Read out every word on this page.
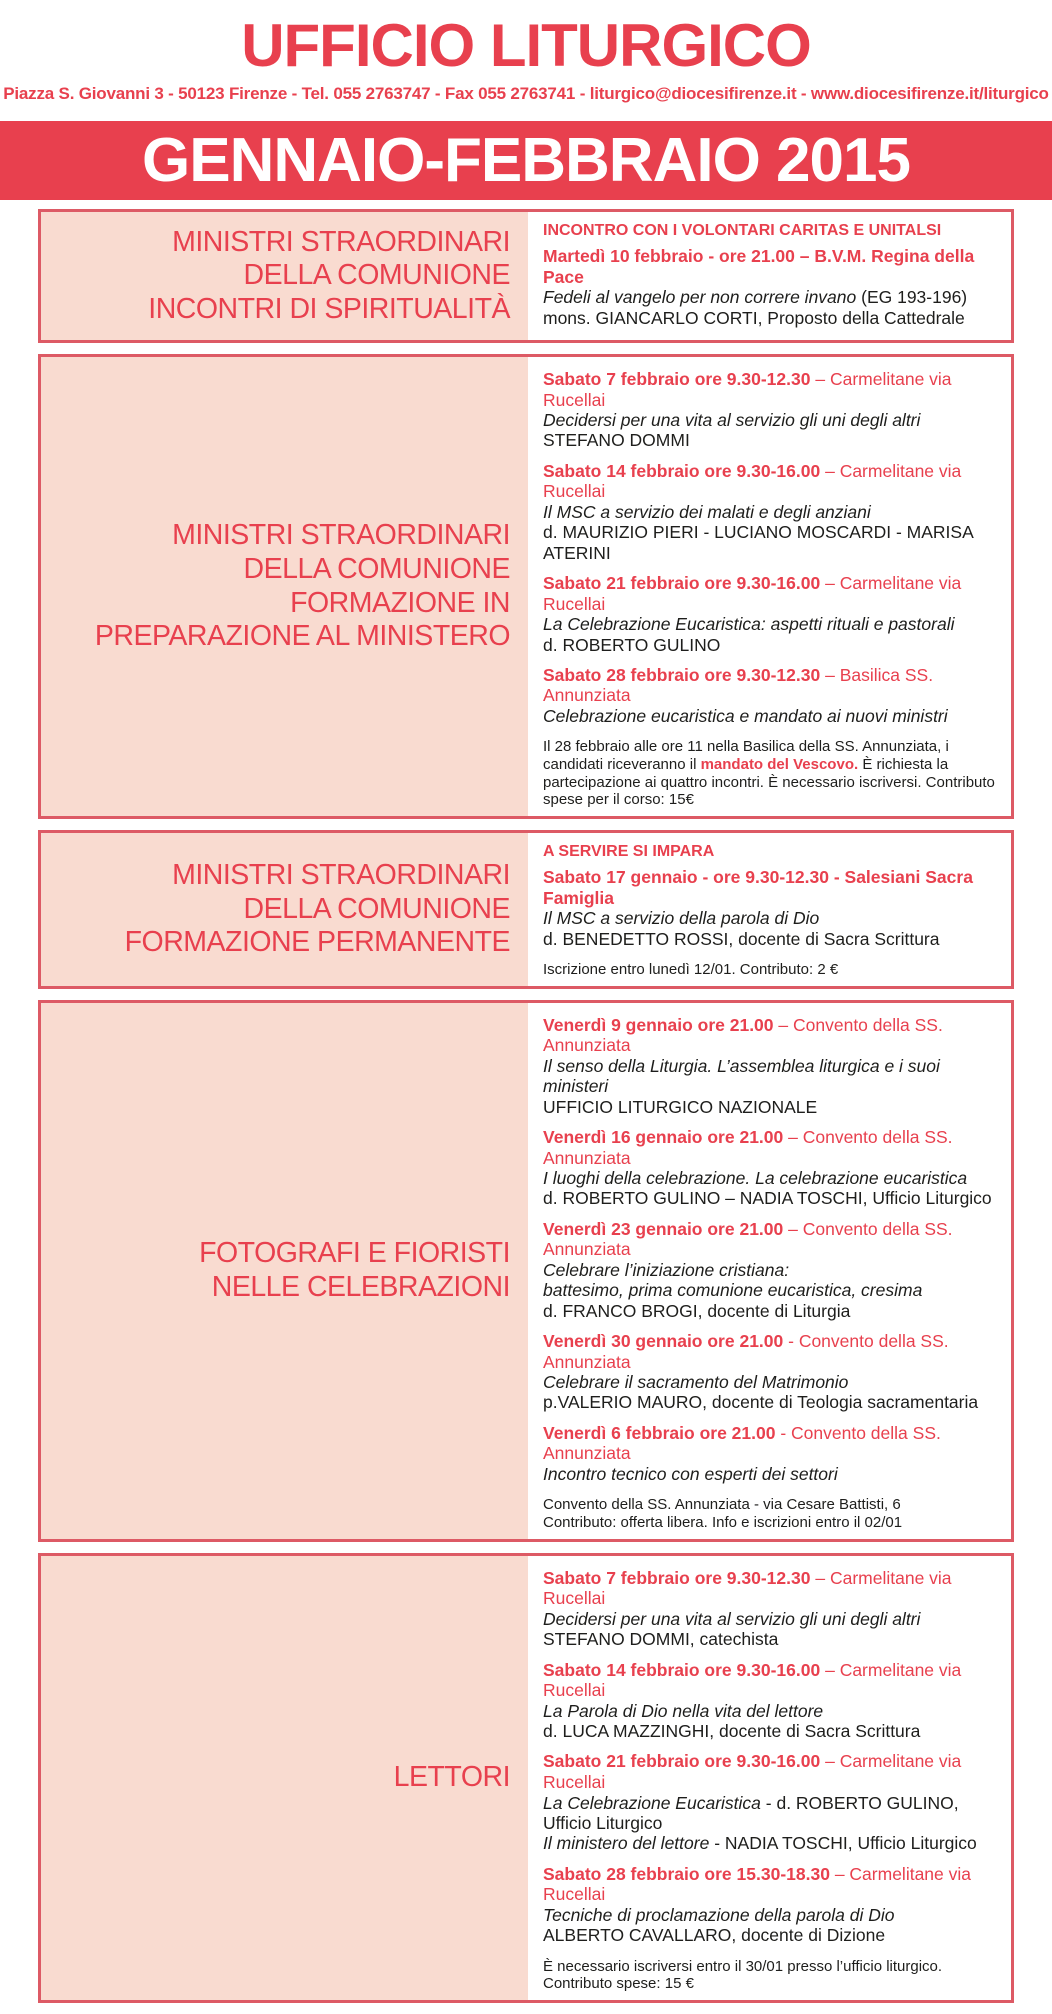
UFFICIO LITURGICO
Piazza S. Giovanni 3 - 50123 Firenze - Tel. 055 2763747 - Fax 055 2763741 - liturgico@diocesifirenze.it - www.diocesifirenze.it/liturgico
GENNAIO-FEBBRAIO 2015
MINISTRI STRAORDINARI
DELLA COMUNIONE
INCONTRI DI SPIRITUALITÀ
INCONTRO CON I VOLONTARI CARITAS E UNITALSI
Martedì 10 febbraio - ore 21.00 – B.V.M. Regina della Pace
Fedeli al vangelo per non correre invano (EG 193-196)
mons. GIANCARLO CORTI, Proposto della Cattedrale
MINISTRI STRAORDINARI
DELLA COMUNIONE
FORMAZIONE IN
PREPARAZIONE AL MINISTERO
Sabato 7 febbraio ore 9.30-12.30 – Carmelitane via Rucellai
Decidersi per una vita al servizio gli uni degli altri
STEFANO DOMMI
Sabato 14 febbraio ore 9.30-16.00 – Carmelitane via Rucellai
Il MSC a servizio dei malati e degli anziani
d. MAURIZIO PIERI - LUCIANO MOSCARDI - MARISA ATERINI
Sabato 21 febbraio ore 9.30-16.00 – Carmelitane via Rucellai
La Celebrazione Eucaristica: aspetti rituali e pastorali
d. ROBERTO GULINO
Sabato 28 febbraio ore 9.30-12.30 – Basilica SS. Annunziata
Celebrazione eucaristica e mandato ai nuovi ministri
Il 28 febbraio alle ore 11 nella Basilica della SS. Annunziata, i candidati riceveranno il mandato del Vescovo. È richiesta la partecipazione ai quattro incontri. È necessario iscriversi. Contributo spese per il corso: 15€
MINISTRI STRAORDINARI
DELLA COMUNIONE
FORMAZIONE PERMANENTE
A SERVIRE SI IMPARA
Sabato 17 gennaio - ore 9.30-12.30 - Salesiani Sacra Famiglia
Il MSC a servizio della parola di Dio
d. BENEDETTO ROSSI, docente di Sacra Scrittura
Iscrizione entro lunedì 12/01. Contributo: 2 €
FOTOGRAFI E FIORISTI
NELLE CELEBRAZIONI
Venerdì 9 gennaio ore 21.00 – Convento della SS. Annunziata
Il senso della Liturgia. L’assemblea liturgica e i suoi ministeri
UFFICIO LITURGICO NAZIONALE
Venerdì 16 gennaio ore 21.00 – Convento della SS. Annunziata
I luoghi della celebrazione. La celebrazione eucaristica
d. ROBERTO GULINO – NADIA TOSCHI, Ufficio Liturgico
Venerdì 23 gennaio ore 21.00 – Convento della SS. Annunziata
Celebrare l’iniziazione cristiana:
battesimo, prima comunione eucaristica, cresima
d. FRANCO BROGI, docente di Liturgia
Venerdì 30 gennaio ore 21.00 - Convento della SS. Annunziata
Celebrare il sacramento del Matrimonio
p.VALERIO MAURO, docente di Teologia sacramentaria
Venerdì 6 febbraio ore 21.00 - Convento della SS. Annunziata
Incontro tecnico con esperti dei settori
Convento della SS. Annunziata - via Cesare Battisti, 6
Contributo: offerta libera. Info e iscrizioni entro il 02/01
LETTORI
Sabato 7 febbraio ore 9.30-12.30 – Carmelitane via Rucellai
Decidersi per una vita al servizio gli uni degli altri
STEFANO DOMMI, catechista
Sabato 14 febbraio ore 9.30-16.00 – Carmelitane via Rucellai
La Parola di Dio nella vita del lettore
d. LUCA MAZZINGHI, docente di Sacra Scrittura
Sabato 21 febbraio ore 9.30-16.00 – Carmelitane via Rucellai
La Celebrazione Eucaristica - d. ROBERTO GULINO, Ufficio Liturgico
Il ministero del lettore - NADIA TOSCHI, Ufficio Liturgico
Sabato 28 febbraio ore 15.30-18.30 – Carmelitane via Rucellai
Tecniche di proclamazione della parola di Dio
ALBERTO CAVALLARO, docente di Dizione
È necessario iscriversi entro il 30/01 presso l’ufficio liturgico. Contributo spese: 15 €
